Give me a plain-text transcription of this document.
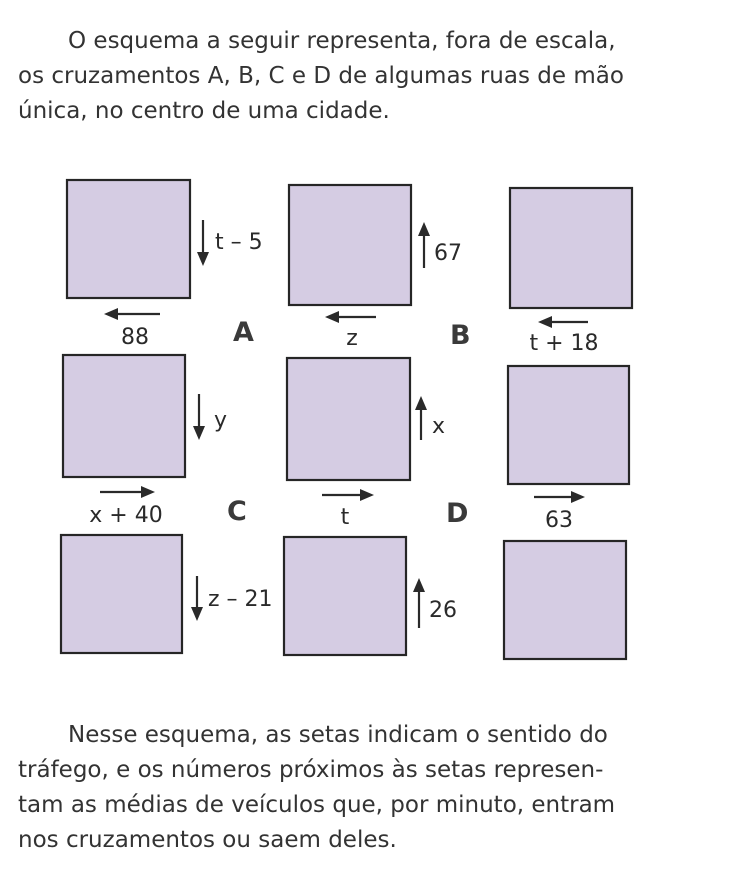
O esquema a seguir representa, fora de escala,
os cruzamentos A, B, C e D de algumas ruas de mão
única, no centro de uma cidade.

A	B
C	D
t – 5	67
88	z	t + 18
y	x
x + 40	t	63
z – 21	26

Nesse esquema, as setas indicam o sentido do
tráfego, e os números próximos às setas represen-
tam as médias de veículos que, por minuto, entram
nos cruzamentos ou saem deles.
